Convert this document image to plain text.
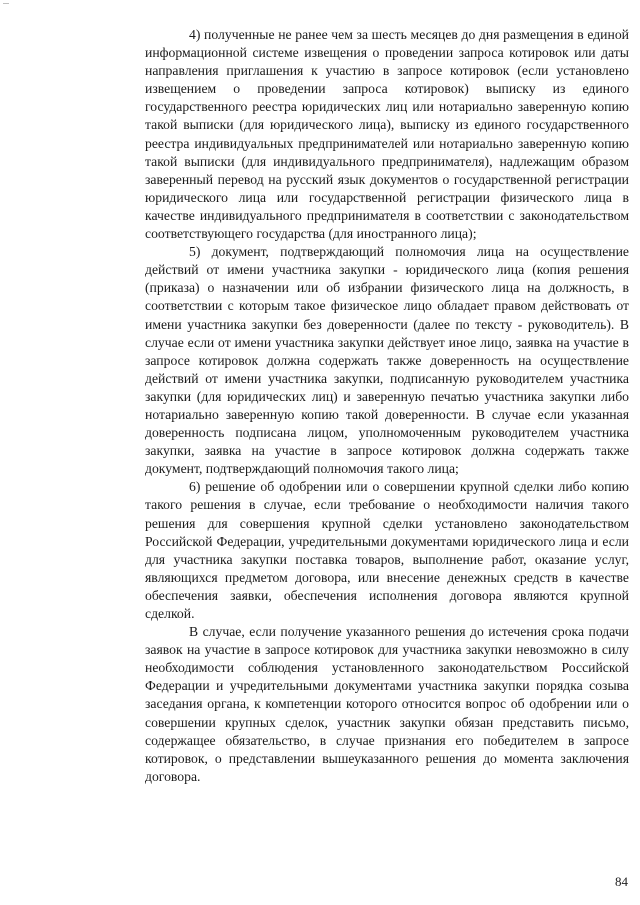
4) полученные не ранее чем за шесть месяцев до дня размещения в единой информационной системе извещения о проведении запроса котировок или даты направления приглашения к участию в запросе котировок (если установлено извещением о проведении запроса котировок) выписку из единого государственного реестра юридических лиц или нотариально заверенную копию такой выписки (для юридического лица), выписку из единого государственного реестра индивидуальных предпринимателей или нотариально заверенную копию такой выписки (для индивидуального предпринимателя), надлежащим образом заверенный перевод на русский язык документов о государственной регистрации юридического лица или государственной регистрации физического лица в качестве индивидуального предпринимателя в соответствии с законодательством соответствующего государства (для иностранного лица);

5) документ, подтверждающий полномочия лица на осуществление действий от имени участника закупки - юридического лица (копия решения (приказа) о назначении или об избрании физического лица на должность, в соответствии с которым такое физическое лицо обладает правом действовать от имени участника закупки без доверенности (далее по тексту - руководитель). В случае если от имени участника закупки действует иное лицо, заявка на участие в запросе котировок должна содержать также доверенность на осуществление действий от имени участника закупки, подписанную руководителем участника закупки (для юридических лиц) и заверенную печатью участника закупки либо нотариально заверенную копию такой доверенности. В случае если указанная доверенность подписана лицом, уполномоченным руководителем участника закупки, заявка на участие в запросе котировок должна содержать также документ, подтверждающий полномочия такого лица;

6) решение об одобрении или о совершении крупной сделки либо копию такого решения в случае, если требование о необходимости наличия такого решения для совершения крупной сделки установлено законодательством Российской Федерации, учредительными документами юридического лица и если для участника закупки поставка товаров, выполнение работ, оказание услуг, являющихся предметом договора, или внесение денежных средств в качестве обеспечения заявки, обеспечения исполнения договора являются крупной сделкой.

В случае, если получение указанного решения до истечения срока подачи заявок на участие в запросе котировок для участника закупки невозможно в силу необходимости соблюдения установленного законодательством Российской Федерации и учредительными документами участника закупки порядка созыва заседания органа, к компетенции которого относится вопрос об одобрении или о совершении крупных сделок, участник закупки обязан представить письмо, содержащее обязательство, в случае признания его победителем в запросе котировок, о представлении вышеуказанного решения до момента заключения договора.

84
